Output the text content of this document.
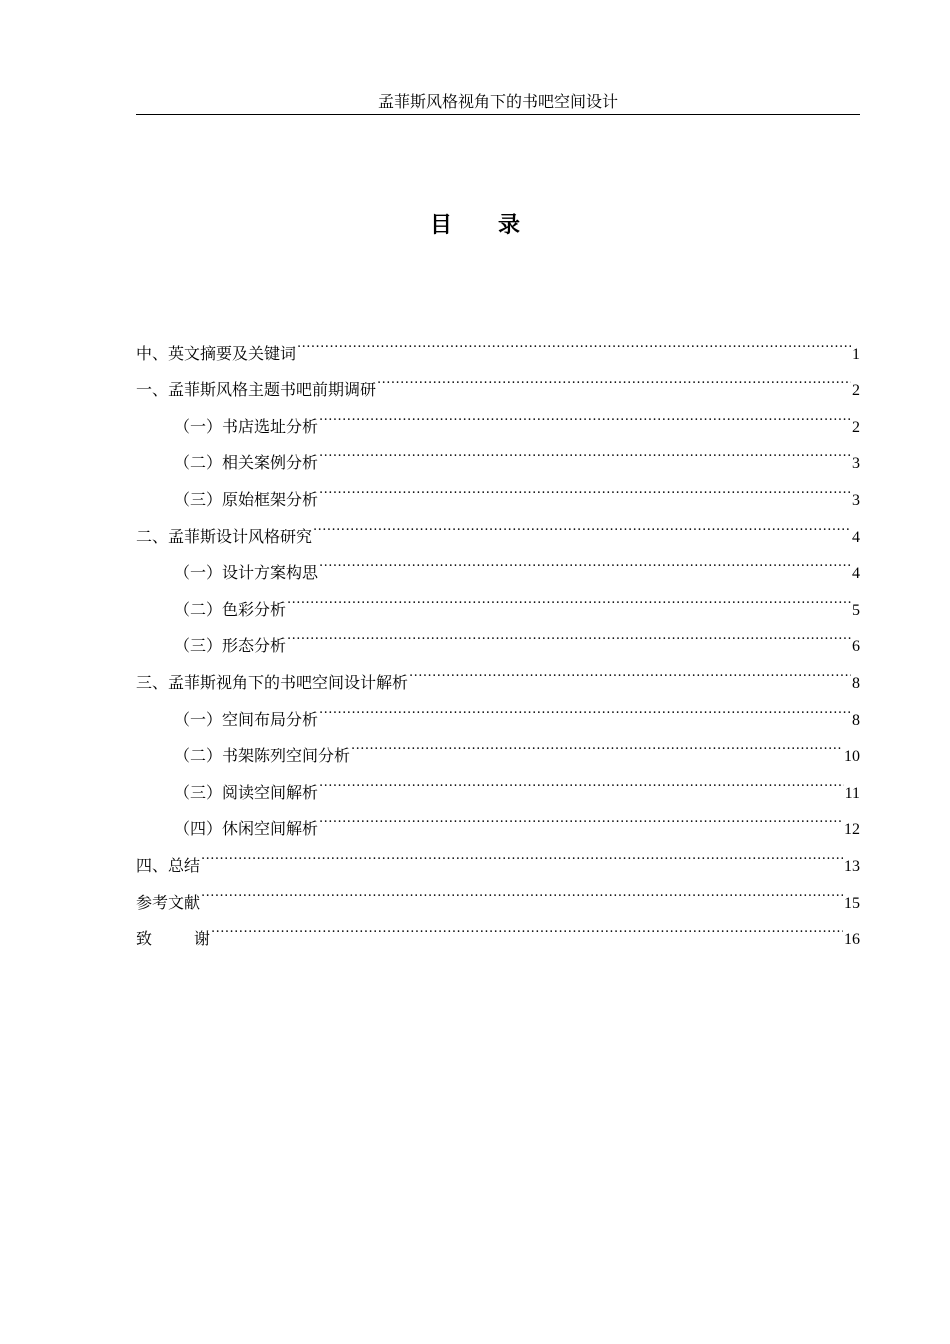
孟菲斯风格视角下的书吧空间设计
目 录
中、英文摘要及关键词 .....	1
一、孟菲斯风格主题书吧前期调研 .....	2
（一）书店选址分析 .....	2
（二）相关案例分析 .....	3
（三）原始框架分析 .....	3
二、孟菲斯设计风格研究 .....	4
（一）设计方案构思 .....	4
（二）色彩分析 .....	5
（三）形态分析 .....	6
三、孟菲斯视角下的书吧空间设计解析 .....	8
（一）空间布局分析 .....	8
（二）书架陈列空间分析 .....	10
（三）阅读空间解析 .....	11
（四）休闲空间解析 .....	12
四、总结 .....	13
参考文献 .....	15
致	谢 .....	16
